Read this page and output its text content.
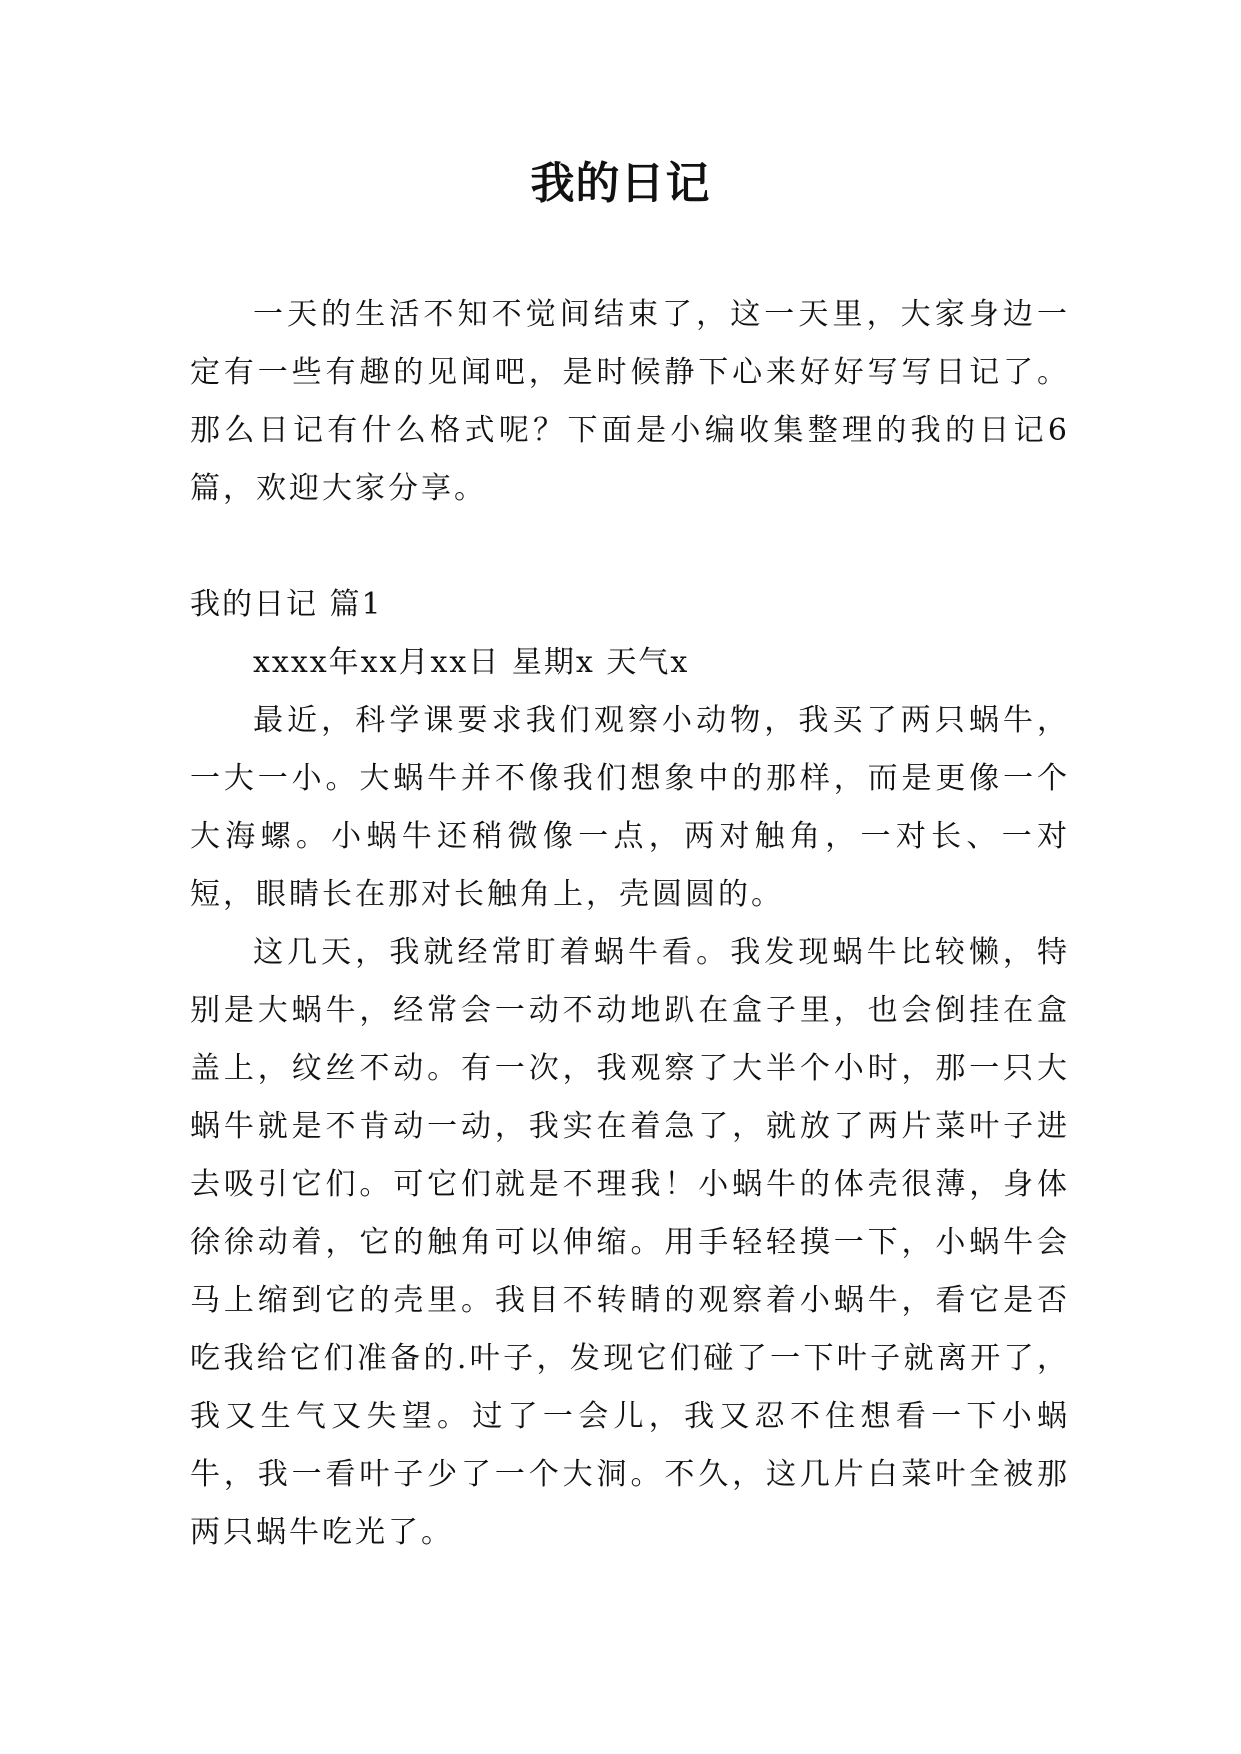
我的日记

一天的生活不知不觉间结束了，这一天里，大家身边一定有一些有趣的见闻吧，是时候静下心来好好写写日记了。那么日记有什么格式呢？下面是小编收集整理的我的日记6篇，欢迎大家分享。

我的日记 篇1

xxxx年xx月xx日 星期x 天气x

最近，科学课要求我们观察小动物，我买了两只蜗牛，一大一小。大蜗牛并不像我们想象中的那样，而是更像一个大海螺。小蜗牛还稍微像一点，两对触角，一对长、一对短，眼睛长在那对长触角上，壳圆圆的。

这几天，我就经常盯着蜗牛看。我发现蜗牛比较懒，特别是大蜗牛，经常会一动不动地趴在盒子里，也会倒挂在盒盖上，纹丝不动。有一次，我观察了大半个小时，那一只大蜗牛就是不肯动一动，我实在着急了，就放了两片菜叶子进去吸引它们。可它们就是不理我！小蜗牛的体壳很薄，身体徐徐动着，它的触角可以伸缩。用手轻轻摸一下，小蜗牛会马上缩到它的壳里。我目不转睛的观察着小蜗牛，看它是否吃我给它们准备的.叶子，发现它们碰了一下叶子就离开了，我又生气又失望。过了一会儿，我又忍不住想看一下小蜗牛，我一看叶子少了一个大洞。不久，这几片白菜叶全被那两只蜗牛吃光了。
